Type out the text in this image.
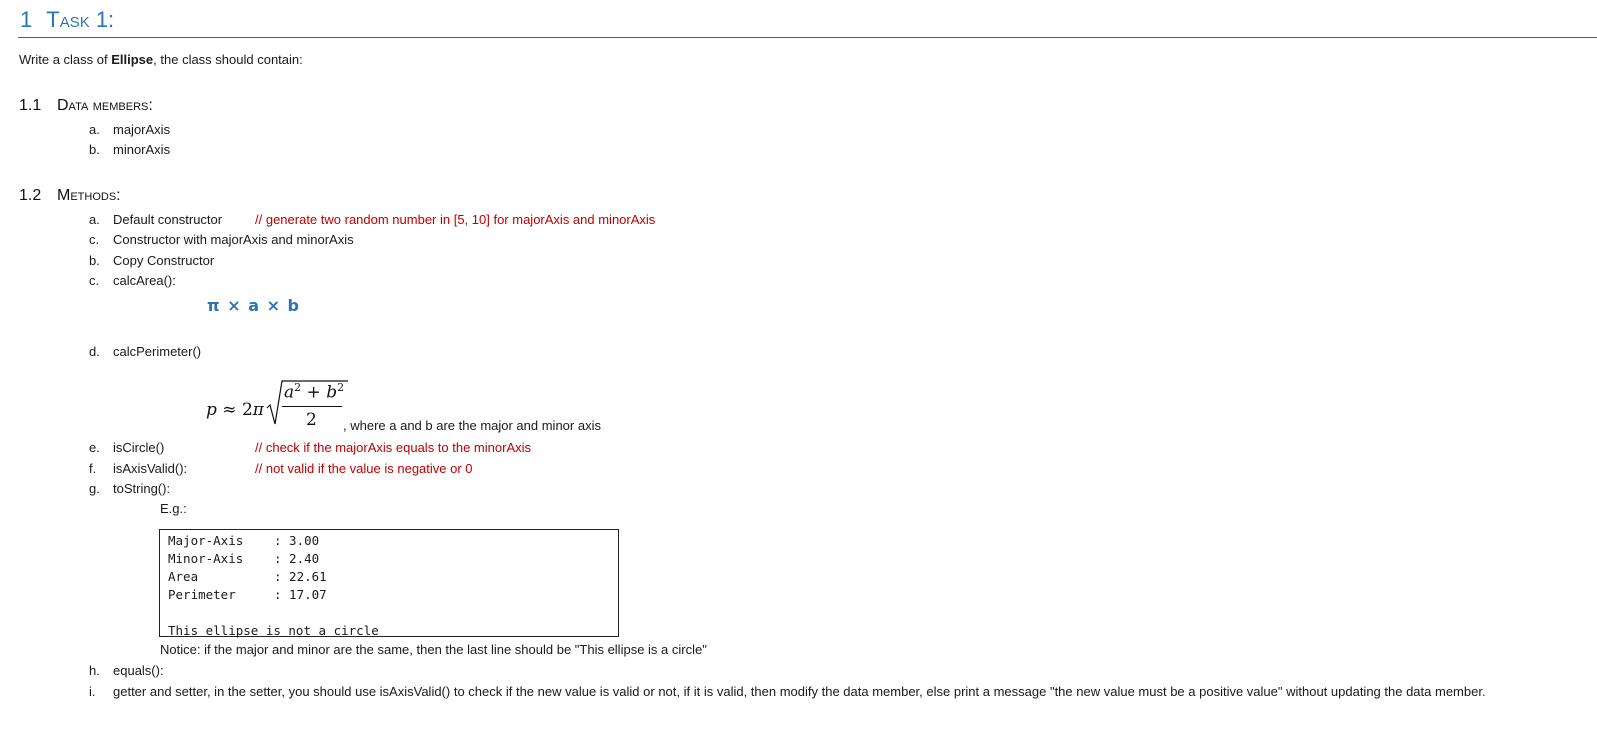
1 Task 1:
Write a class of Ellipse, the class should contain:
1.1 Data members:
a. majorAxis
b. minorAxis
1.2 Methods:
a. Default constructor	// generate two random number in [5, 10] for majorAxis and minorAxis
c. Constructor with majorAxis and minorAxis
b. Copy Constructor
c. calcArea():
π × a × b
d. calcPerimeter()
p ≈ 2π
$a^2 + b^2$
2 , where a and b are the major and minor axis
e. isCircle()	// check if the majorAxis equals to the minorAxis
f. isAxisValid():	// not valid if the value is negative or 0
g. toString():
E.g.:
Major-Axis : 3.00
Minor-Axis : 2.40
Area	: 22.61
Perimeter	: 17.07
This ellipse is not a circle
Notice: if the major and minor are the same, then the last line should be "This ellipse is a circle"
h. equals():
i. getter and setter, in the setter, you should use isAxisValid() to check if the new value is valid or not, if it is valid, then modify the data member, else print a message "the new value must be a positive value" without updating the data member.
